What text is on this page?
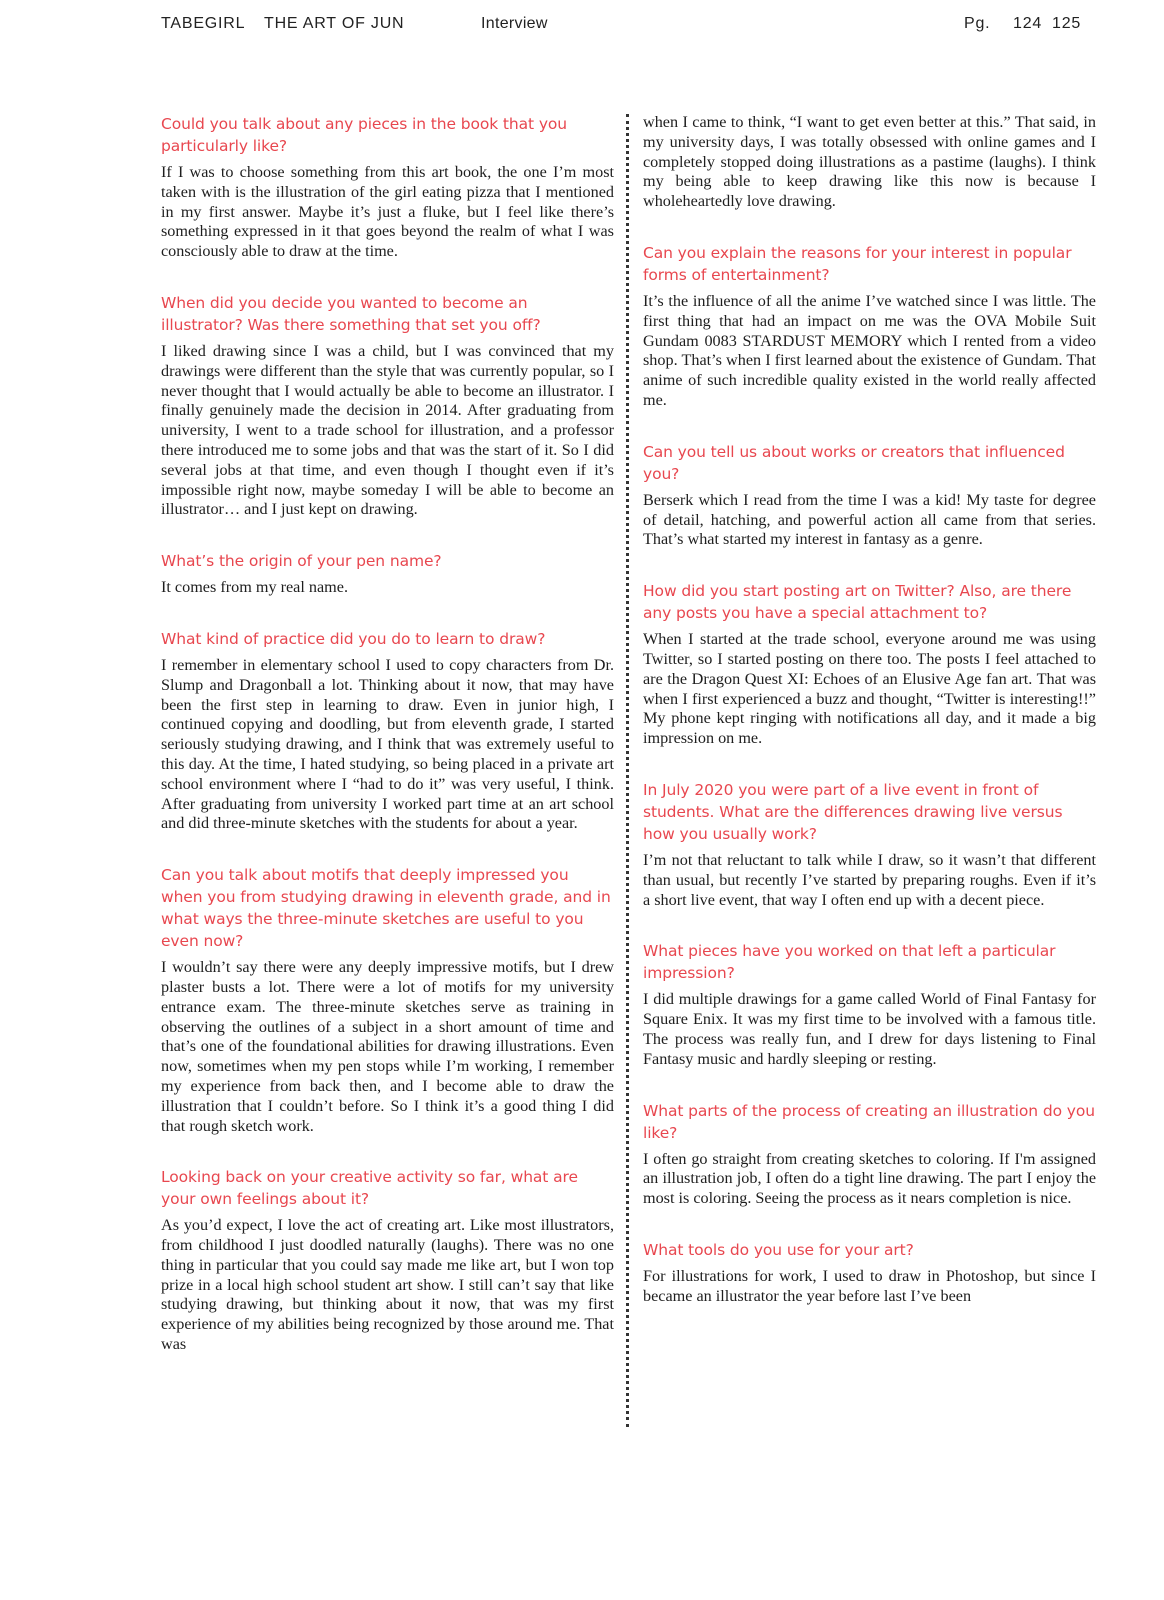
TABEGIRL THE ART OF JUN	Interview	Pg. 124 125
Could you talk about any pieces in the book that you particularly like?
If I was to choose something from this art book, the one I’m most taken with is the illustration of the girl eating pizza that I mentioned in my first answer. Maybe it’s just a fluke, but I feel like there’s something expressed in it that goes beyond the realm of what I was consciously able to draw at the time.
When did you decide you wanted to become an illustrator? Was there something that set you off?
I liked drawing since I was a child, but I was convinced that my drawings were different than the style that was currently popular, so I never thought that I would actually be able to become an illustrator. I finally genuinely made the decision in 2014. After graduating from university, I went to a trade school for illustration, and a professor there introduced me to some jobs and that was the start of it. So I did several jobs at that time, and even though I thought even if it’s impossible right now, maybe someday I will be able to become an illustrator… and I just kept on drawing.
What’s the origin of your pen name?
It comes from my real name.
What kind of practice did you do to learn to draw?
I remember in elementary school I used to copy characters from Dr. Slump and Dragonball a lot. Thinking about it now, that may have been the first step in learning to draw. Even in junior high, I continued copying and doodling, but from eleventh grade, I started seriously studying drawing, and I think that was extremely useful to this day. At the time, I hated studying, so being placed in a private art school environment where I “had to do it” was very useful, I think. After graduating from university I worked part time at an art school and did three-minute sketches with the students for about a year.
Can you talk about motifs that deeply impressed you when you from studying drawing in eleventh grade, and in what ways the three-minute sketches are useful to you even now?
I wouldn’t say there were any deeply impressive motifs, but I drew plaster busts a lot. There were a lot of motifs for my university entrance exam. The three-minute sketches serve as training in observing the outlines of a subject in a short amount of time and that’s one of the foundational abilities for drawing illustrations. Even now, sometimes when my pen stops while I’m working, I remember my experience from back then, and I become able to draw the illustration that I couldn’t before. So I think it’s a good thing I did that rough sketch work.
Looking back on your creative activity so far, what are your own feelings about it?
As you’d expect, I love the act of creating art. Like most illustrators, from childhood I just doodled naturally (laughs). There was no one thing in particular that you could say made me like art, but I won top prize in a local high school student art show. I still can’t say that like studying drawing, but thinking about it now, that was my first experience of my abilities being recognized by those around me. That was
when I came to think, “I want to get even better at this.” That said, in my university days, I was totally obsessed with online games and I completely stopped doing illustrations as a pastime (laughs). I think my being able to keep drawing like this now is because I wholeheartedly love drawing.
Can you explain the reasons for your interest in popular forms of entertainment?
It’s the influence of all the anime I’ve watched since I was little. The first thing that had an impact on me was the OVA Mobile Suit Gundam 0083 STARDUST MEMORY which I rented from a video shop. That’s when I first learned about the existence of Gundam. That anime of such incredible quality existed in the world really affected me.
Can you tell us about works or creators that influenced you?
Berserk which I read from the time I was a kid! My taste for degree of detail, hatching, and powerful action all came from that series. That’s what started my interest in fantasy as a genre.
How did you start posting art on Twitter? Also, are there any posts you have a special attachment to?
When I started at the trade school, everyone around me was using Twitter, so I started posting on there too. The posts I feel attached to are the Dragon Quest XI: Echoes of an Elusive Age fan art. That was when I first experienced a buzz and thought, “Twitter is interesting!!” My phone kept ringing with notifications all day, and it made a big impression on me.
In July 2020 you were part of a live event in front of students. What are the differences drawing live versus how you usually work?
I’m not that reluctant to talk while I draw, so it wasn’t that different than usual, but recently I’ve started by preparing roughs. Even if it’s a short live event, that way I often end up with a decent piece.
What pieces have you worked on that left a particular impression?
I did multiple drawings for a game called World of Final Fantasy for Square Enix. It was my first time to be involved with a famous title. The process was really fun, and I drew for days listening to Final Fantasy music and hardly sleeping or resting.
What parts of the process of creating an illustration do you like?
I often go straight from creating sketches to coloring. If I'm assigned an illustration job, I often do a tight line drawing. The part I enjoy the most is coloring. Seeing the process as it nears completion is nice.
What tools do you use for your art?
For illustrations for work, I used to draw in Photoshop, but since I became an illustrator the year before last I’ve been
